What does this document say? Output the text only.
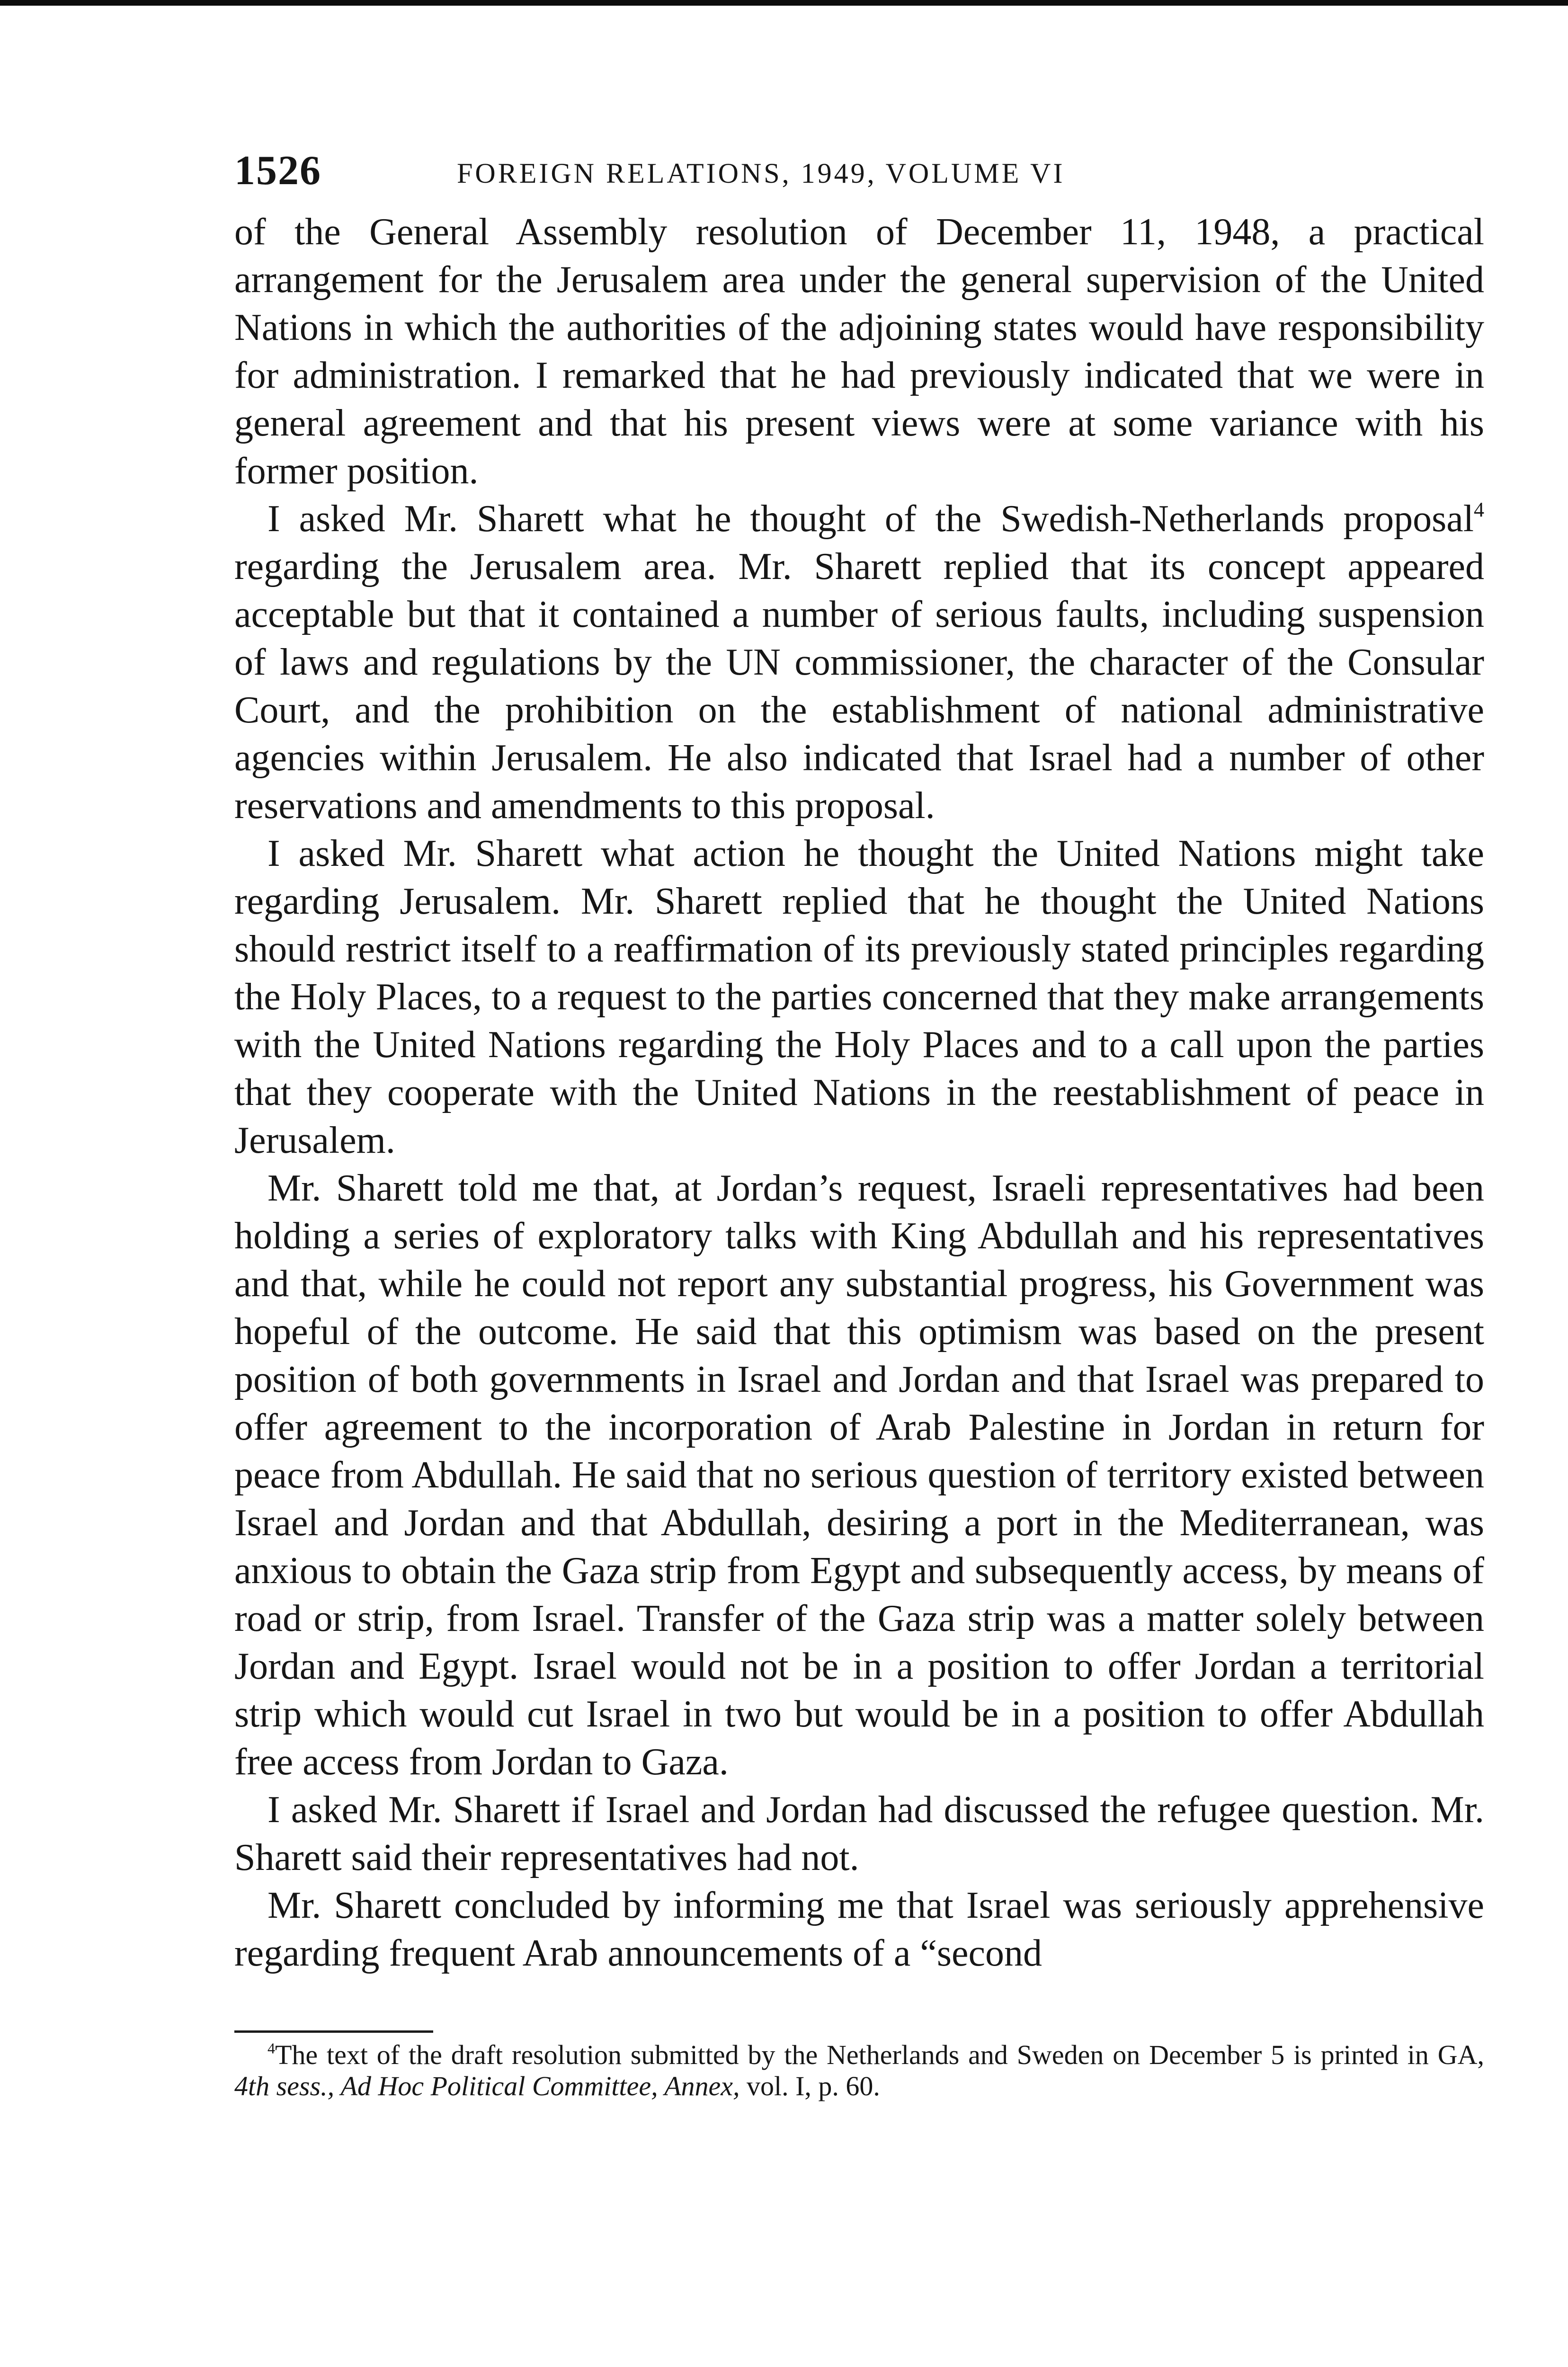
1526	FOREIGN RELATIONS, 1949, VOLUME VI

of the General Assembly resolution of December 11, 1948, a practical arrangement for the Jerusalem area under the general supervision of the United Nations in which the authorities of the adjoining states would have responsibility for administration. I remarked that he had previously indicated that we were in general agreement and that his present views were at some variance with his former position.

I asked Mr. Sharett what he thought of the Swedish-Netherlands proposal$^4$ regarding the Jerusalem area. Mr. Sharett replied that its concept appeared acceptable but that it contained a number of serious faults, including suspension of laws and regulations by the UN commissioner, the character of the Consular Court, and the prohibition on the establishment of national administrative agencies within Jerusalem. He also indicated that Israel had a number of other reservations and amendments to this proposal.

I asked Mr. Sharett what action he thought the United Nations might take regarding Jerusalem. Mr. Sharett replied that he thought the United Nations should restrict itself to a reaffirmation of its previously stated principles regarding the Holy Places, to a request to the parties concerned that they make arrangements with the United Nations regarding the Holy Places and to a call upon the parties that they cooperate with the United Nations in the reestablishment of peace in Jerusalem.

Mr. Sharett told me that, at Jordan’s request, Israeli representatives had been holding a series of exploratory talks with King Abdullah and his representatives and that, while he could not report any substantial progress, his Government was hopeful of the outcome. He said that this optimism was based on the present position of both governments in Israel and Jordan and that Israel was prepared to offer agreement to the incorporation of Arab Palestine in Jordan in return for peace from Abdullah. He said that no serious question of territory existed between Israel and Jordan and that Abdullah, desiring a port in the Mediterranean, was anxious to obtain the Gaza strip from Egypt and subsequently access, by means of road or strip, from Israel. Transfer of the Gaza strip was a matter solely between Jordan and Egypt. Israel would not be in a position to offer Jordan a territorial strip which would cut Israel in two but would be in a position to offer Abdullah free access from Jordan to Gaza.

I asked Mr. Sharett if Israel and Jordan had discussed the refugee question. Mr. Sharett said their representatives had not.

Mr. Sharett concluded by informing me that Israel was seriously apprehensive regarding frequent Arab announcements of a “second

$^4$The text of the draft resolution submitted by the Netherlands and Sweden on December 5 is printed in GA, 4th sess., Ad Hoc Political Committee, Annex, vol. I, p. 60.
